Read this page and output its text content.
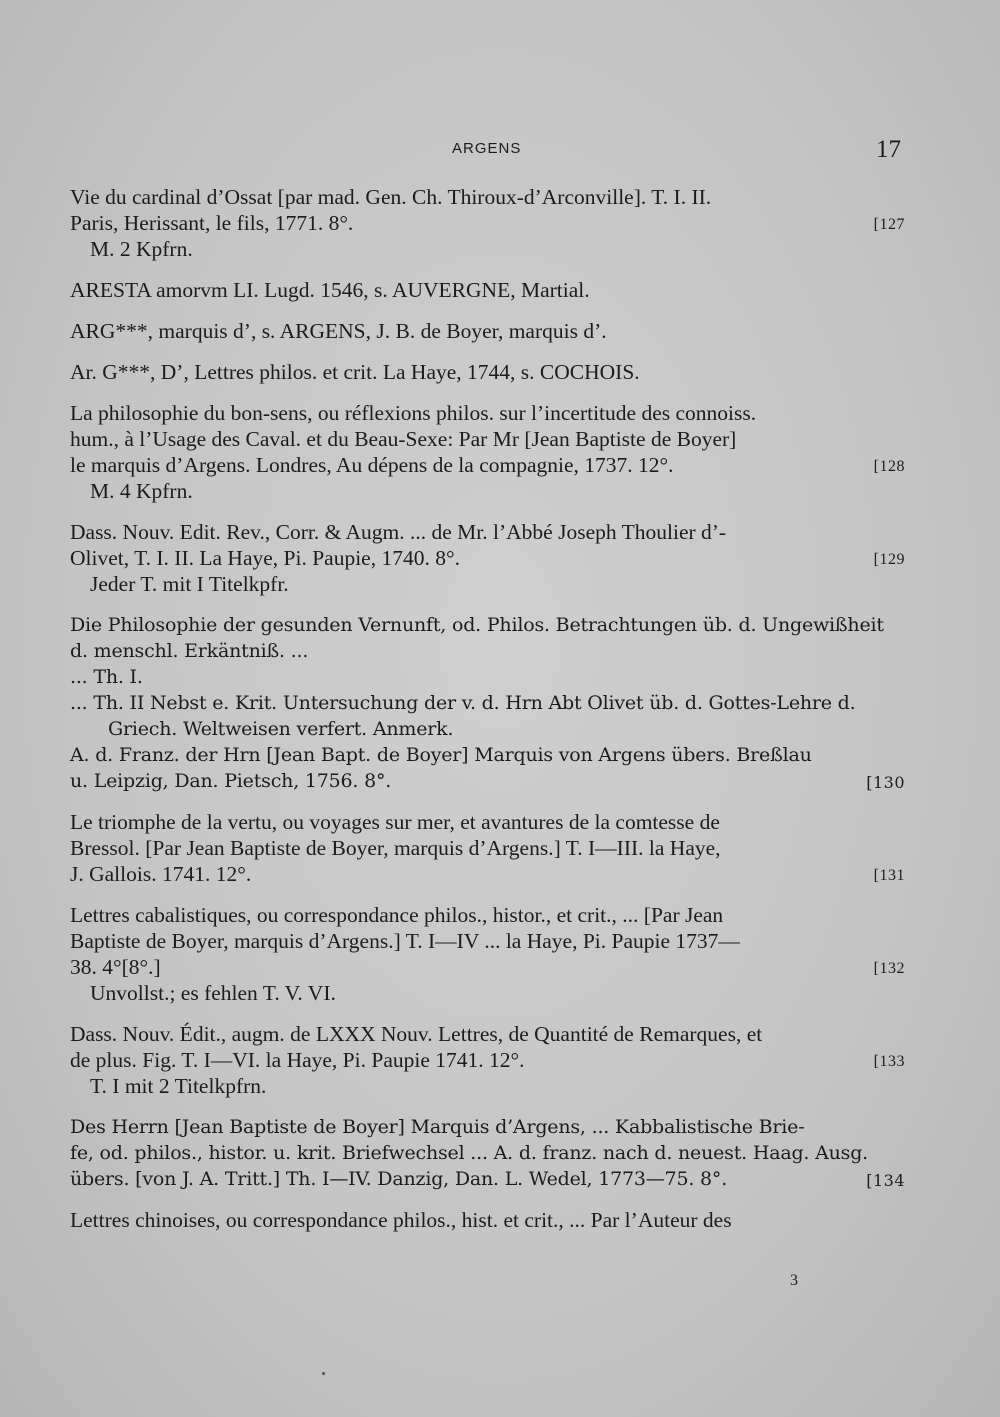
ARGENS	17
Vie du cardinal d’Ossat [par mad. Gen. Ch. Thiroux-d’Arconville]. T. I. II.
Paris, Herissant, le fils, 1771. 8°.	[127
M. 2 Kpfrn.
ARESTA amorvm LI. Lugd. 1546, s. AUVERGNE, Martial.
ARG***, marquis d’, s. ARGENS, J. B. de Boyer, marquis d’.
Ar. G***, D’, Lettres philos. et crit. La Haye, 1744, s. COCHOIS.
La philosophie du bon-sens, ou réflexions philos. sur l’incertitude des connoiss.
hum., à l’Usage des Caval. et du Beau-Sexe: Par Mr [Jean Baptiste de Boyer]
le marquis d’Argens. Londres, Au dépens de la compagnie, 1737. 12°.	[128
M. 4 Kpfrn.
Dass. Nouv. Edit. Rev., Corr. & Augm. ... de Mr. l’Abbé Joseph Thoulier d’-
Olivet, T. I. II. La Haye, Pi. Paupie, 1740. 8°.	[129
Jeder T. mit I Titelkpfr.
Die Philosophie der gesunden Vernunft, od. Philos. Betrachtungen üb. d. Ungewißheit
d. menschl. Erkäntniß. ...
... Th. I.
... Th. II Nebst e. Krit. Untersuchung der v. d. Hrn Abt Olivet üb. d. Gottes-Lehre d.
Griech. Weltweisen verfert. Anmerk.
A. d. Franz. der Hrn [Jean Bapt. de Boyer] Marquis von Argens übers. Breßlau
u. Leipzig, Dan. Pietsch, 1756. 8°.	[130
Le triomphe de la vertu, ou voyages sur mer, et avantures de la comtesse de
Bressol. [Par Jean Baptiste de Boyer, marquis d’Argens.] T. I—III. la Haye,
J. Gallois. 1741. 12°.	[131
Lettres cabalistiques, ou correspondance philos., histor., et crit., ... [Par Jean
Baptiste de Boyer, marquis d’Argens.] T. I—IV ... la Haye, Pi. Paupie 1737—
38. 4°[8°.]	[132
Unvollst.; es fehlen T. V. VI.
Dass. Nouv. Édit., augm. de LXXX Nouv. Lettres, de Quantité de Remarques, et
de plus. Fig. T. I—VI. la Haye, Pi. Paupie 1741. 12°.	[133
T. I mit 2 Titelkpfrn.
Des Herrn [Jean Baptiste de Boyer] Marquis d’Argens, ... Kabbalistische Brie-
fe, od. philos., histor. u. krit. Briefwechsel ... A. d. franz. nach d. neuest. Haag. Ausg.
übers. [von J. A. Tritt.] Th. I—IV. Danzig, Dan. L. Wedel, 1773—75. 8°.	[134
Lettres chinoises, ou correspondance philos., hist. et crit., ... Par l’Auteur des
3
